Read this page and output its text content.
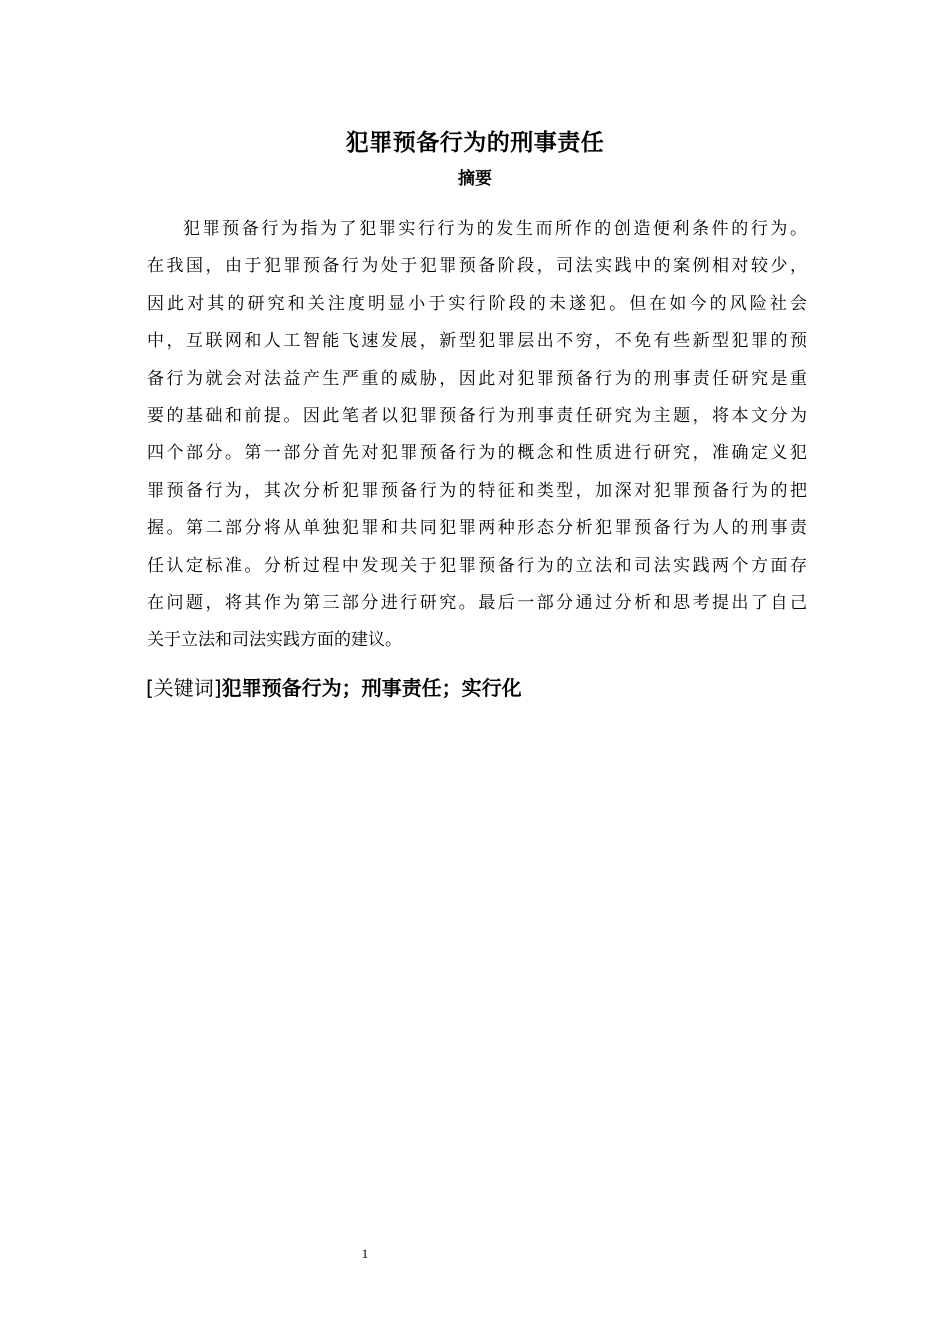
犯罪预备行为的刑事责任
摘要
犯罪预备行为指为了犯罪实行行为的发生而所作的创造便利条件的行为。
在我国，由于犯罪预备行为处于犯罪预备阶段，司法实践中的案例相对较少，
因此对其的研究和关注度明显小于实行阶段的未遂犯。但在如今的风险社会
中，互联网和人工智能飞速发展，新型犯罪层出不穷，不免有些新型犯罪的预
备行为就会对法益产生严重的威胁，因此对犯罪预备行为的刑事责任研究是重
要的基础和前提。因此笔者以犯罪预备行为刑事责任研究为主题，将本文分为
四个部分。第一部分首先对犯罪预备行为的概念和性质进行研究，准确定义犯
罪预备行为，其次分析犯罪预备行为的特征和类型，加深对犯罪预备行为的把
握。第二部分将从单独犯罪和共同犯罪两种形态分析犯罪预备行为人的刑事责
任认定标准。分析过程中发现关于犯罪预备行为的立法和司法实践两个方面存
在问题，将其作为第三部分进行研究。最后一部分通过分析和思考提出了自己
关于立法和司法实践方面的建议。
[关键词]犯罪预备行为；刑事责任；实行化
1
